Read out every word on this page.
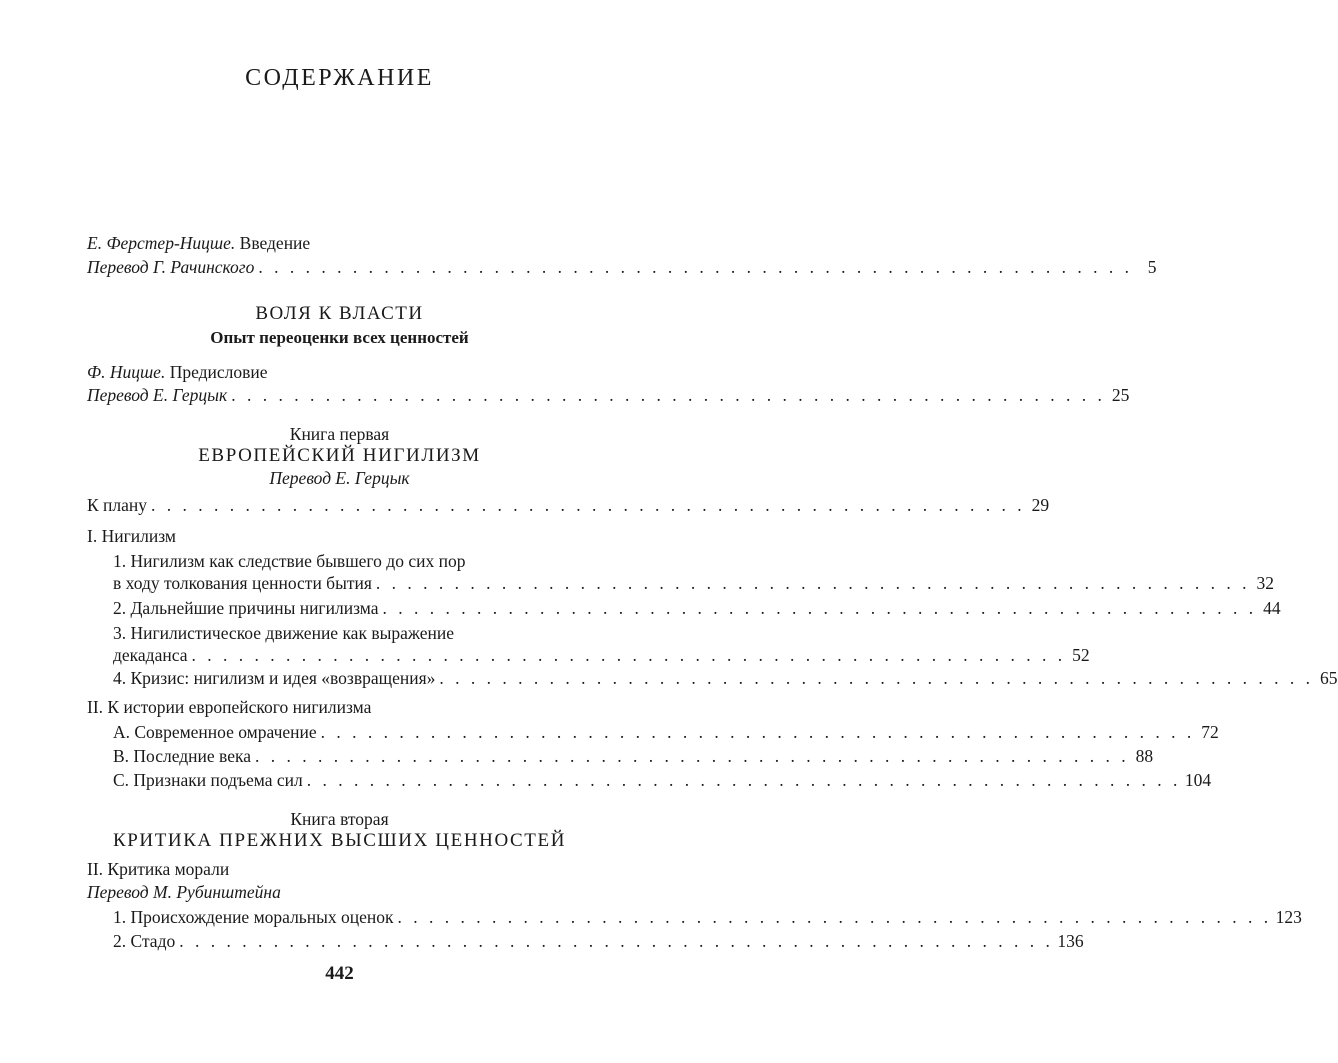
СОДЕРЖАНИЕ
Е. Ферстер-Ницше. Введение
Перевод Г. Рачинского . . . . . . . . . . . . . . . . . . . . . . . . . . . . . . . . . . . . . . . . . . . . . . . . . . . . . . . . 5
ВОЛЯ К ВЛАСТИ
Опыт переоценки всех ценностей
Ф. Ницше. Предисловие
Перевод Е. Герцык . . . . . . . . . . . . . . . . . . . . . . . . . . . . . . . . . . . . . . . . . . . . . . . . . . . . . . . . 25
Книга первая
ЕВРОПЕЙСКИЙ НИГИЛИЗМ
Перевод Е. Герцык
К плану . . . . . . . . . . . . . . . . . . . . . . . . . . . . . . . . . . . . . . . . . . . . . . . . . . . . . . . . 29
I. Нигилизм
1. Нигилизм как следствие бывшего до сих пор
в ходу толкования ценности бытия . . . . . . . . . . . . . . . . . . . . . . . . . . . . . . . . . . . . . . . . . . . . . . . . . . . . . . . . 32
2. Дальнейшие причины нигилизма . . . . . . . . . . . . . . . . . . . . . . . . . . . . . . . . . . . . . . . . . . . . . . . . . . . . . . . . 44
3. Нигилистическое движение как выражение
декаданса . . . . . . . . . . . . . . . . . . . . . . . . . . . . . . . . . . . . . . . . . . . . . . . . . . . . . . . . 52
4. Кризис: нигилизм и идея «возвращения» . . . . . . . . . . . . . . . . . . . . . . . . . . . . . . . . . . . . . . . . . . . . . . . . . . . . . . . . 65
II. К истории европейского нигилизма
А. Современное омрачение . . . . . . . . . . . . . . . . . . . . . . . . . . . . . . . . . . . . . . . . . . . . . . . . . . . . . . . . 72
В. Последние века . . . . . . . . . . . . . . . . . . . . . . . . . . . . . . . . . . . . . . . . . . . . . . . . . . . . . . . . 88
С. Признаки подъема сил . . . . . . . . . . . . . . . . . . . . . . . . . . . . . . . . . . . . . . . . . . . . . . . . . . . . . . . . 104
Книга вторая
КРИТИКА ПРЕЖНИХ ВЫСШИХ ЦЕННОСТЕЙ
II. Критика морали
Перевод М. Рубинштейна
1. Происхождение моральных оценок . . . . . . . . . . . . . . . . . . . . . . . . . . . . . . . . . . . . . . . . . . . . . . . . . . . . . . . . 123
2. Стадо . . . . . . . . . . . . . . . . . . . . . . . . . . . . . . . . . . . . . . . . . . . . . . . . . . . . . . . . 136
442
